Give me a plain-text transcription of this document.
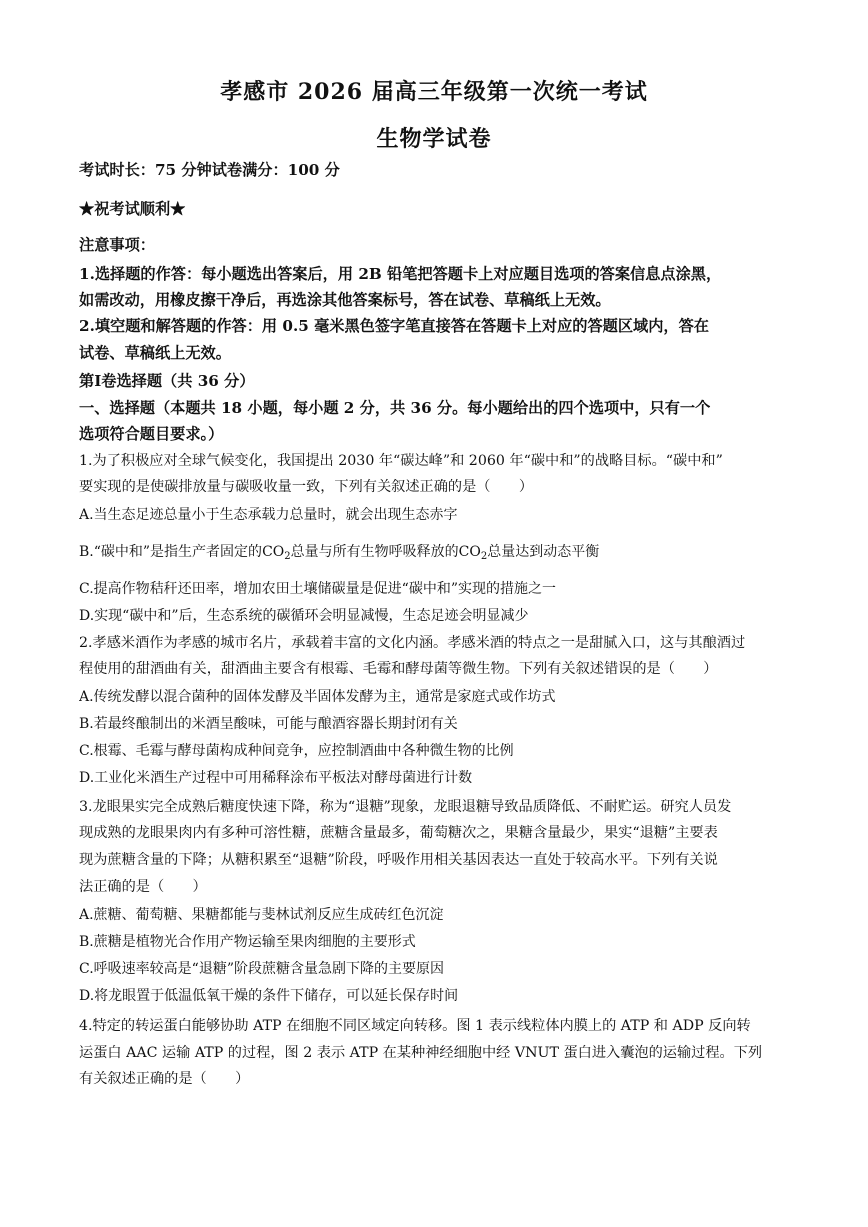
孝感市 2026 届高三年级第一次统一考试
生物学试卷
考试时长：75 分钟试卷满分：100 分
★祝考试顺利★
注意事项：
1.选择题的作答：每小题选出答案后，用 2B 铅笔把答题卡上对应题目选项的答案信息点涂黑，
如需改动，用橡皮擦干净后，再选涂其他答案标号，答在试卷、草稿纸上无效。
2.填空题和解答题的作答：用 0.5 毫米黑色签字笔直接答在答题卡上对应的答题区域内，答在
试卷、草稿纸上无效。
第Ⅰ卷选择题（共 36 分）
一、选择题（本题共 18 小题，每小题 2 分，共 36 分。每小题给出的四个选项中，只有一个
选项符合题目要求。）
1.为了积极应对全球气候变化，我国提出 2030 年“碳达峰”和 2060 年“碳中和”的战略目标。“碳中和”
要实现的是使碳排放量与碳吸收量一致，下列有关叙述正确的是（　　）
A.当生态足迹总量小于生态承载力总量时，就会出现生态赤字
B.“碳中和”是指生产者固定的$CO_2$总量与所有生物呼吸释放的$CO_2$总量达到动态平衡
C.提高作物秸秆还田率，增加农田土壤储碳量是促进“碳中和”实现的措施之一
D.实现“碳中和”后，生态系统的碳循环会明显减慢，生态足迹会明显减少
2.孝感米酒作为孝感的城市名片，承载着丰富的文化内涵。孝感米酒的特点之一是甜腻入口，这与其酿酒过
程使用的甜酒曲有关，甜酒曲主要含有根霉、毛霉和酵母菌等微生物。下列有关叙述错误的是（　　）
A.传统发酵以混合菌种的固体发酵及半固体发酵为主，通常是家庭式或作坊式
B.若最终酿制出的米酒呈酸味，可能与酿酒容器长期封闭有关
C.根霉、毛霉与酵母菌构成种间竞争，应控制酒曲中各种微生物的比例
D.工业化米酒生产过程中可用稀释涂布平板法对酵母菌进行计数
3.龙眼果实完全成熟后糖度快速下降，称为“退糖”现象，龙眼退糖导致品质降低、不耐贮运。研究人员发
现成熟的龙眼果肉内有多种可溶性糖，蔗糖含量最多，葡萄糖次之，果糖含量最少，果实“退糖”主要表
现为蔗糖含量的下降；从糖积累至“退糖”阶段，呼吸作用相关基因表达一直处于较高水平。下列有关说
法正确的是（　　）
A.蔗糖、葡萄糖、果糖都能与斐林试剂反应生成砖红色沉淀
B.蔗糖是植物光合作用产物运输至果肉细胞的主要形式
C.呼吸速率较高是“退糖”阶段蔗糖含量急剧下降的主要原因
D.将龙眼置于低温低氧干燥的条件下储存，可以延长保存时间
4.特定的转运蛋白能够协助 ATP 在细胞不同区域定向转移。图 1 表示线粒体内膜上的 ATP 和 ADP 反向转
运蛋白 AAC 运输 ATP 的过程，图 2 表示 ATP 在某种神经细胞中经 VNUT 蛋白进入囊泡的运输过程。下列
有关叙述正确的是（　　）
